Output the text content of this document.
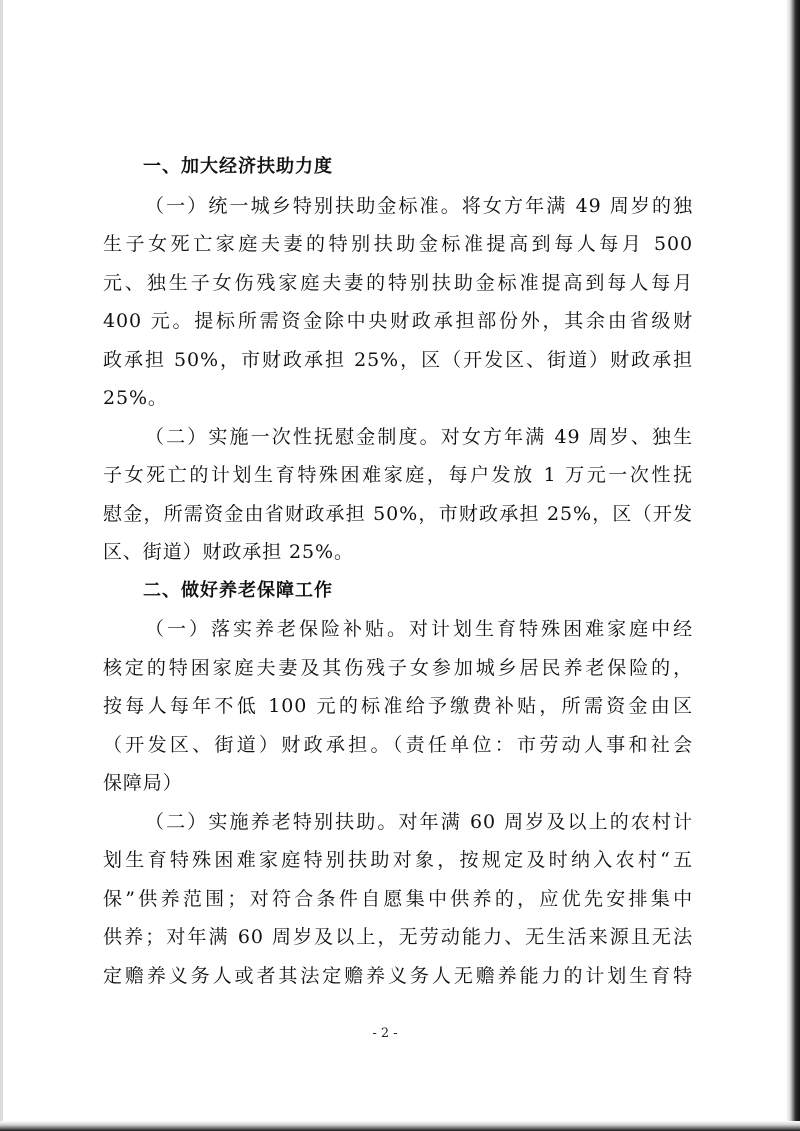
一、加大经济扶助力度
（一）统一城乡特别扶助金标准。将女方年满 49 周岁的独
生子女死亡家庭夫妻的特别扶助金标准提高到每人每月 500
元、独生子女伤残家庭夫妻的特别扶助金标准提高到每人每月
400 元。提标所需资金除中央财政承担部份外，其余由省级财
政承担 50%，市财政承担 25%，区（开发区、街道）财政承担
25%。
（二）实施一次性抚慰金制度。对女方年满 49 周岁、独生
子女死亡的计划生育特殊困难家庭，每户发放 1 万元一次性抚
慰金，所需资金由省财政承担 50%，市财政承担 25%，区（开发
区、街道）财政承担 25%。
二、做好养老保障工作
（一）落实养老保险补贴。对计划生育特殊困难家庭中经
核定的特困家庭夫妻及其伤残子女参加城乡居民养老保险的，
按每人每年不低 100 元的标准给予缴费补贴，所需资金由区
（开发区、街道）财政承担。（责任单位：市劳动人事和社会
保障局）
（二）实施养老特别扶助。对年满 60 周岁及以上的农村计
划生育特殊困难家庭特别扶助对象，按规定及时纳入农村“五
保”供养范围；对符合条件自愿集中供养的，应优先安排集中
供养；对年满 60 周岁及以上，无劳动能力、无生活来源且无法
定赡养义务人或者其法定赡养义务人无赡养能力的计划生育特
- 2 -
